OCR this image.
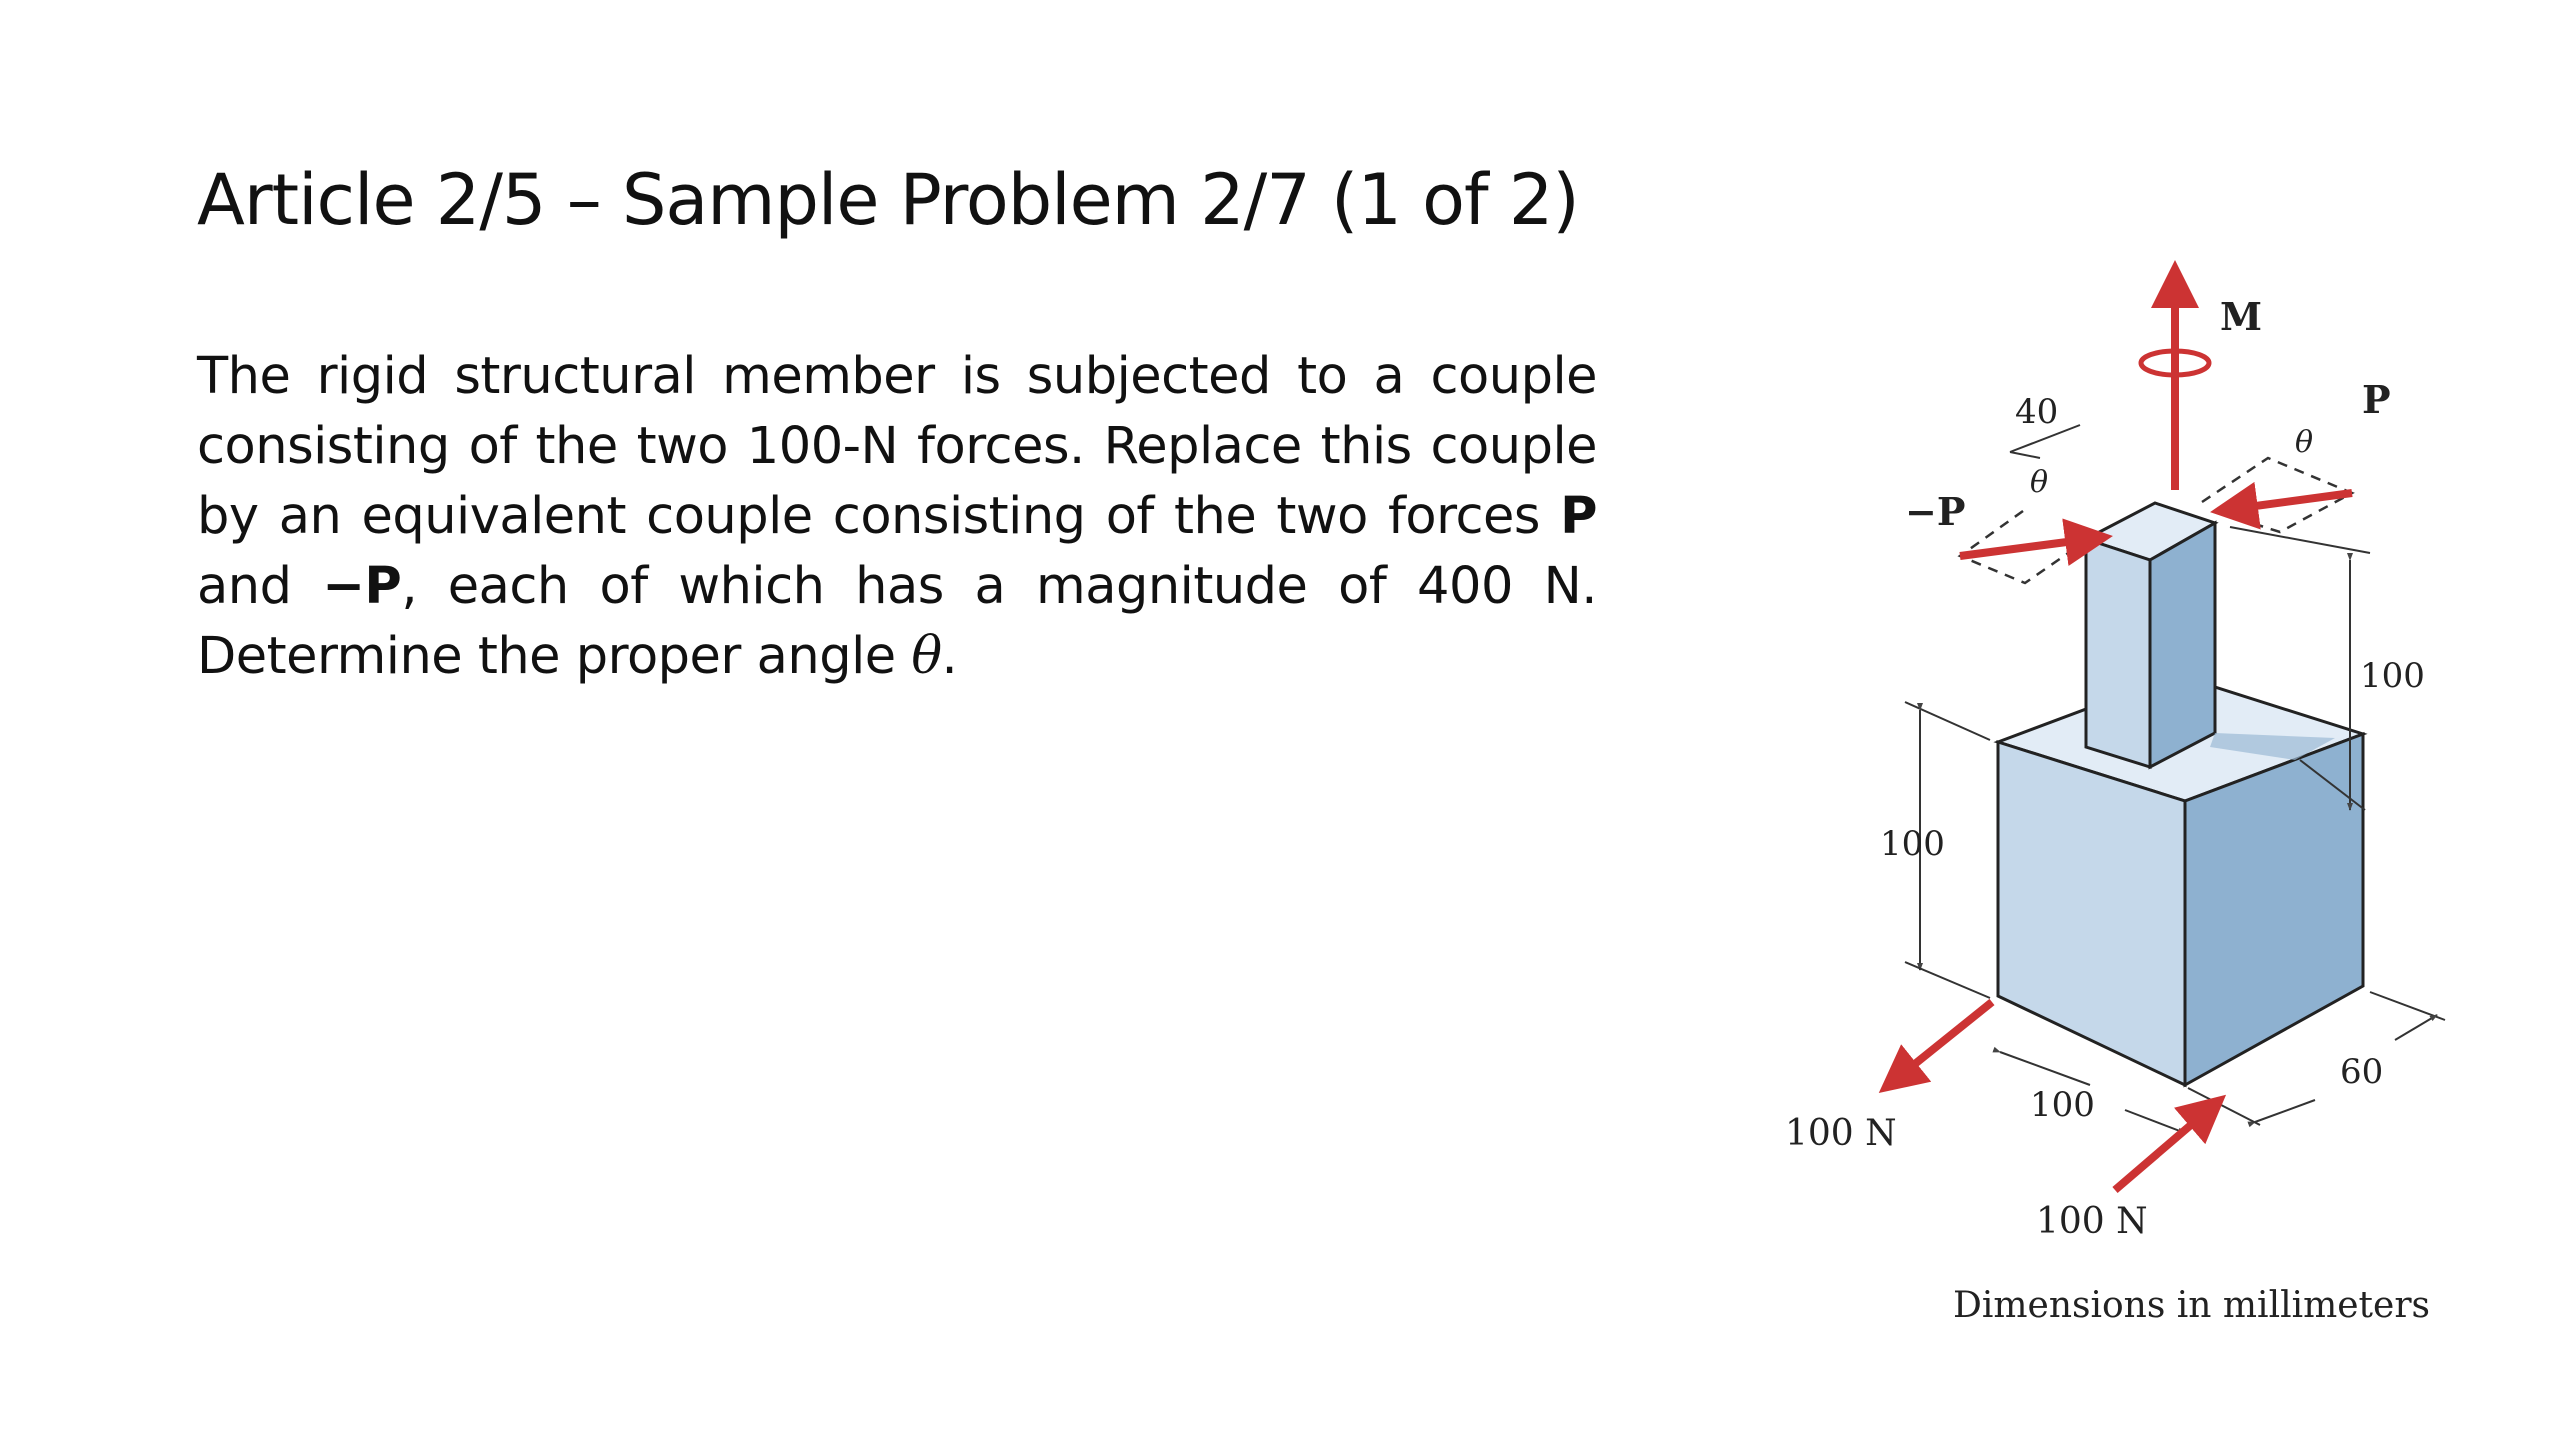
Article 2/5 – Sample Problem 2/7 (1 of 2)

The rigid structural member is subjected to a couple consisting of the two 100-N forces. Replace this couple by an equivalent couple consisting of the two forces P and −P, each of which has a magnitude of 400 N. Determine the proper angle θ.

M
P
θ
−P
θ
40
100
100
100
60
100 N
100 N
Dimensions in millimeters
